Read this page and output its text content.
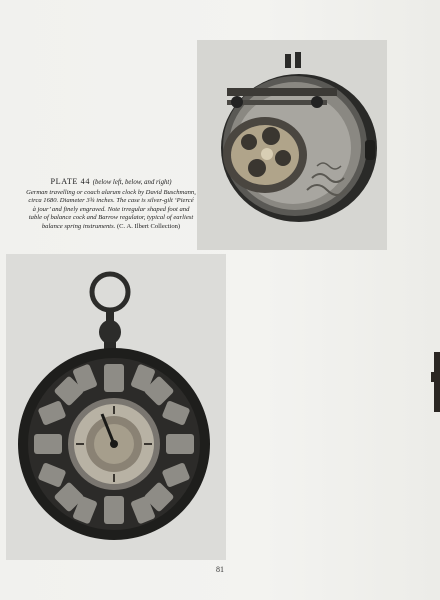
PLATE 44 (below left, below, and right)
German travelling or coach alarum clock by David Buschmann, circa 1680. Diameter 3¾ inches. The case is silver-gilt ‘Piercé à jour’ and finely engraved. Note irregular shaped foot and table of balance cock and Barrow regulator, typical of earliest balance spring instruments. (C. A. Ilbert Collection)
81
